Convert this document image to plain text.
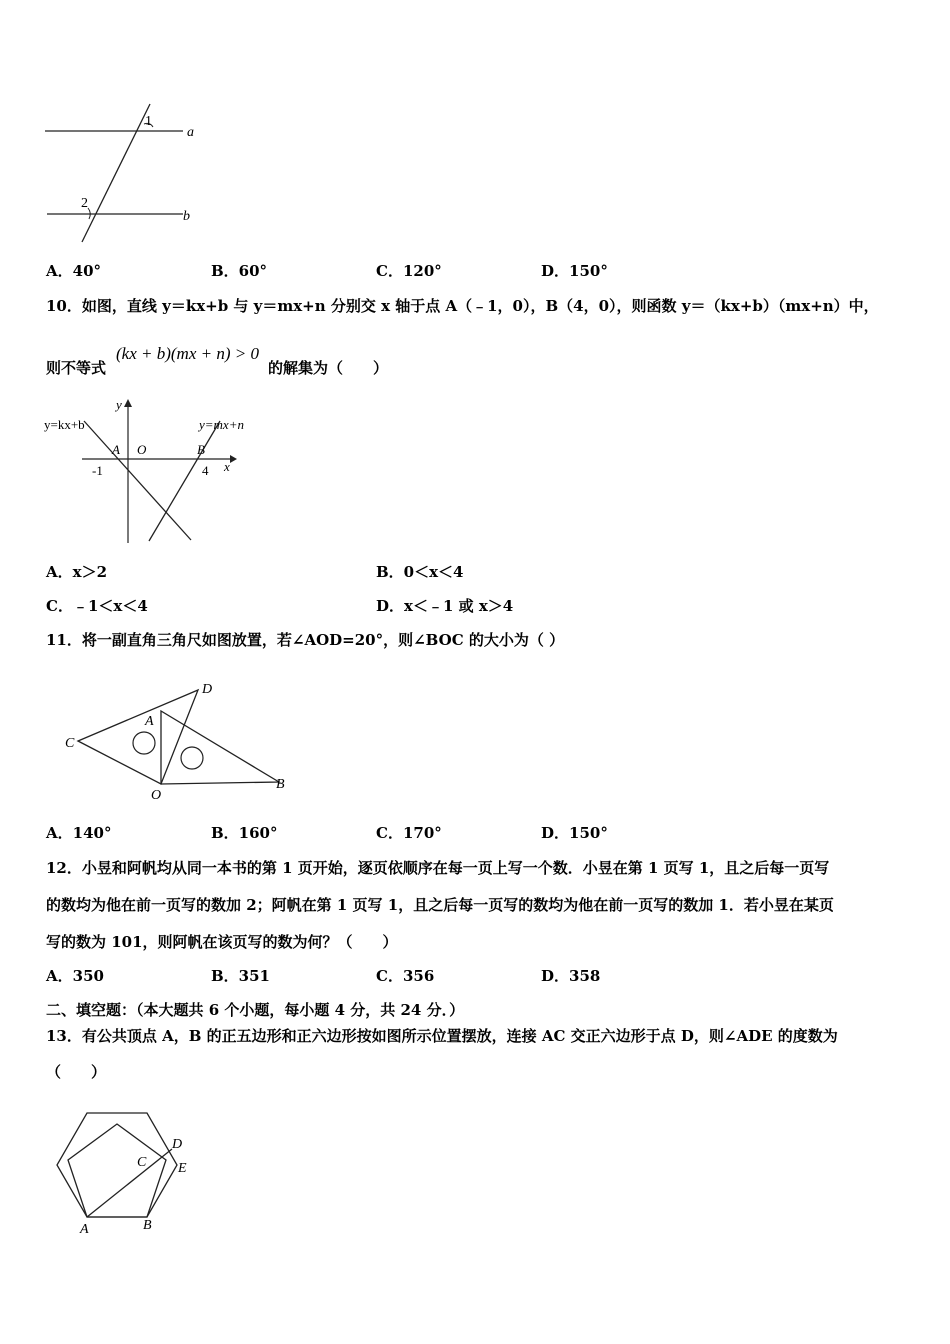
1
2
a
b
A．40°	B．60°	C．120°	D．150°
10．如图，直线 y＝kx+b 与 y＝mx+n 分别交 x 轴于点 A（﹣1，0），B（4，0），则函数 y＝（kx+b）（mx+n）中，
则不等式
(kx + b)(mx + n) > 0
的解集为（　　）
y
x
A O	B
-1	4
y=kx+b	y=mx+n
A．x＞2	B．0＜x＜4
C．﹣1＜x＜4	D．x＜﹣1 或 x＞4
11．将一副直角三角尺如图放置，若∠AOD=20°，则∠BOC 的大小为（ ）
C
A
D
O
B
A．140°	B．160°	C．170°	D．150°
12．小昱和阿帆均从同一本书的第 1 页开始，逐页依顺序在每一页上写一个数．小昱在第 1 页写 1，且之后每一页写
的数均为他在前一页写的数加 2；阿帆在第 1 页写 1，且之后每一页写的数均为他在前一页写的数加 1．若小昱在某页
写的数为 101，则阿帆在该页写的数为何？（　　）
A．350	B．351	C．356	D．358
二、填空题：（本大题共 6 个小题，每小题 4 分，共 24 分．）
13．有公共顶点 A，B 的正五边形和正六边形按如图所示位置摆放，连接 AC 交正六边形于点 D，则∠ADE 的度数为
（　　）
A	B
C
D
E
